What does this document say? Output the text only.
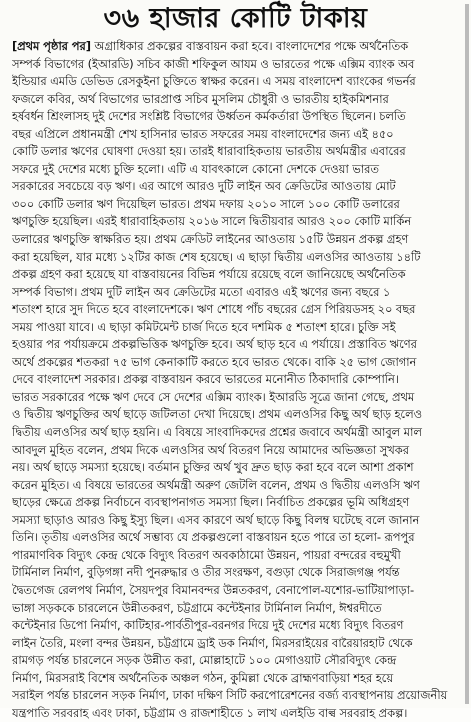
৩৬ হাজার কোটি টাকায়
[প্রথম পৃষ্ঠার পর] অগ্রাধিকার প্রকল্পের বাস্তবায়ন করা হবে। বাংলাদেশের পক্ষে অর্থনৈতিক
সম্পর্ক বিভাগের (ইআরডি) সচিব কাজী শফিকুল আযম ও ভারতের পক্ষে এক্সিম ব্যাংক অব
ইন্ডিয়ার এমডি ডেভিড রেসকুইনা চুক্তিতে স্বাক্ষর করেন। এ সময় বাংলাদেশ ব্যাংকের গভর্নর
ফজলে কবির, অর্থ বিভাগের ভারপ্রাপ্ত সচিব মুসলিম চৌধুরী ও ভারতীয় হাইকমিশনার
হর্ষবর্ধন শ্রিংলাসহ দুই দেশের সংশ্লিষ্ট বিভাগের উর্ধ্বতন কর্মকর্তারা উপস্থিত ছিলেন। চলতি
বছর এপ্রিলে প্রধানমন্ত্রী শেখ হাসিনার ভারত সফরের সময় বাংলাদেশের জন্য এই ৪৫০
কোটি ডলার ঋণের ঘোষণা দেওয়া হয়। তারই ধারাবাহিকতায় ভারতীয় অর্থমন্ত্রীর এবারের
সফরে দুই দেশের মধ্যে চুক্তি হলো। এটি এ যাবৎকালে কোনো দেশকে দেওয়া ভারত
সরকারের সবচেয়ে বড় ঋণ। এর আগে আরও দুটি লাইন অব ক্রেডিটের আওতায় মোট
৩০০ কোটি ডলার ঋণ দিয়েছিল ভারত। প্রথম দফায় ২০১০ সালে ১০০ কোটি ডলারের
ঋণচুক্তি হয়েছিল। এরই ধারাবাহিকতায় ২০১৬ সালে দ্বিতীয়বার আরও ২০০ কোটি মার্কিন
ডলারের ঋণচুক্তি স্বাক্ষরিত হয়। প্রথম ক্রেডিট লাইনের আওতায় ১৫টি উন্নয়ন প্রকল্প গ্রহণ
করা হয়েছিল, যার মধ্যে ১২টির কাজ শেষ হয়েছে। এ ছাড়া দ্বিতীয় এলওসির আওতায় ১৪টি
প্রকল্প গ্রহণ করা হয়েছে যা বাস্তবায়নের বিভিন্ন পর্যায়ে রয়েছে বলে জানিয়েছে অর্থনৈতিক
সম্পর্ক বিভাগ। প্রথম দুটি লাইন অব ক্রেডিটের মতো এবারও এই ঋণের জন্য বছরে ১
শতাংশ হারে সুদ দিতে হবে বাংলাদেশকে। ঋণ শোধে পাঁচ বছরের গ্রেস পিরিয়ডসহ ২০ বছর
সময় পাওয়া যাবে। এ ছাড়া কমিটমেন্ট চার্জ দিতে হবে দশমিক ৫ শতাংশ হারে। চুক্তি সই
হওয়ার পর পর্যায়ক্রমে প্রকল্পভিত্তিক ঋণচুক্তি হবে। অর্থ ছাড় হবে এ পর্যায়ে। প্রস্তাবিত ঋণের
অর্থে প্রকল্পের শতকরা ৭৫ ভাগ কেনাকাটি করতে হবে ভারত থেকে। বাকি ২৫ ভাগ জোগান
দেবে বাংলাদেশ সরকার। প্রকল্প বাস্তবায়ন করবে ভারতের মনোনীত ঠিকাদারি কোম্পানি।
ভারত সরকারের পক্ষে ঋণ দেবে সে দেশের এক্সিম ব্যাংক। ইআরডি সূত্রে জানা গেছে, প্রথম
ও দ্বিতীয় ঋণচুক্তির অর্থ ছাড়ে জটিলতা দেখা দিয়েছে। প্রথম এলওসির কিছু অর্থ ছাড় হলেও
দ্বিতীয় এলওসির অর্থ ছাড় হয়নি। এ বিষয়ে সাংবাদিকদের প্রশ্নের জবাবে অর্থমন্ত্রী আবুল মাল
আবদুল মুহিত বলেন, প্রথম দিকে এলওসির অর্থ বিতরণ নিয়ে আমাদের অভিজ্ঞতা সুখকর
নয়। অর্থ ছাড়ে সমস্যা হয়েছে। বর্তমান চুক্তির অর্থ খুব দ্রুত ছাড় করা হবে বলে আশা প্রকাশ
করেন মুহিত। এ বিষয়ে ভারতের অর্থমন্ত্রী অরুণ জেটলি বলেন, প্রথম ও দ্বিতীয় এলওসি ঋণ
ছাড়ের ক্ষেত্রে প্রকল্প নির্বাচনে ব্যবস্থাপনাগত সমস্যা ছিল। নির্বাচিত প্রকল্পের ভূমি অধিগ্রহণ
সমস্যা ছাড়াও আরও কিছু ইস্যু ছিল। এসব কারণে অর্থ ছাড়ে কিছু বিলম্ব ঘটেছে বলে জানান
তিনি। তৃতীয় এলওসির অর্থে সম্ভাব্য যে প্রকল্পগুলো বাস্তবায়ন হতে পারে তা হলো- রূপপুর
পারমাণবিক বিদ্যুৎ কেন্দ্র থেকে বিদ্যুৎ বিতরণ অবকাঠামো উন্নয়ন, পায়রা বন্দরের বহুমুখী
টার্মিনাল নির্মাণ, বুড়িগঙ্গা নদী পুনরুদ্ধার ও তীর সংরক্ষণ, বগুড়া থেকে সিরাজগঞ্জ পর্যন্ত
দ্বৈতগেজ রেলপথ নির্মাণ, সৈয়দপুর বিমানবন্দর উন্নতকরণ, বেনাপোল-যশোর-ভাটিয়াপাড়া-
ভাঙ্গা সড়ককে চারলেনে উন্নীতকরণ, চট্টগ্রামে কন্টেইনার টার্মিনাল নির্মাণ, ঈশ্বরদীতে
কন্টেইনার ডিপো নির্মাণ, কাটিহার-পার্বতীপুর-বরনগর দিয়ে দুই দেশের মধ্যে বিদ্যুৎ বিতরণ
লাইন তৈরি, মংলা বন্দর উন্নয়ন, চট্টগ্রামে ড্রাই ডক নির্মাণ, মিরসরাইয়ের বারৈয়ারহাট থেকে
রামগড় পর্যন্ত চারলেনে সড়ক উন্নীত করা, মোল্লাহাটে ১০০ মেগাওয়াট সৌরবিদ্যুৎ কেন্দ্র
নির্মাণ, মিরসরাই বিশেষ অর্থনৈতিক অঞ্চল গঠন, কুমিল্লা থেকে ব্রাহ্মণবাড়িয়া শহর হয়ে
সরাইল পর্যন্ত চারলেন সড়ক নির্মাণ, ঢাকা দক্ষিণ সিটি করপোরেশনের বর্জ্য ব্যবস্থাপনায় প্রয়োজনীয়
যন্ত্রপাতি সরবরাহ এবং ঢাকা, চট্টগ্রাম ও রাজশাহীতে ১ লাখ এলইডি বাল্ব সরবরাহ প্রকল্প।
